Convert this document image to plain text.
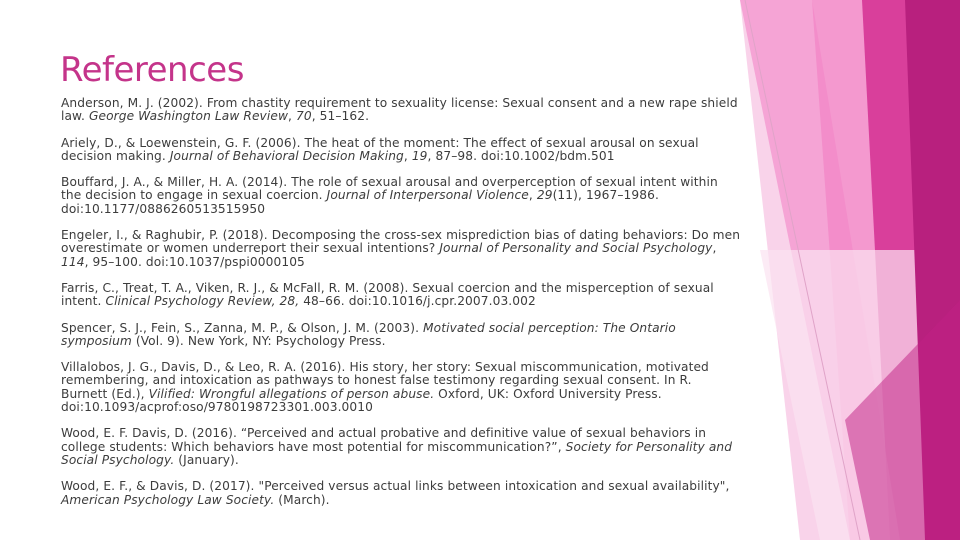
References
Anderson, M. J. (2002). From chastity requirement to sexuality license: Sexual consent and a new rape shield law. George Washington Law Review, 70, 51–162.
Ariely, D., & Loewenstein, G. F. (2006). The heat of the moment: The effect of sexual arousal on sexual decision making. Journal of Behavioral Decision Making, 19, 87–98. doi:10.1002/bdm.501
Bouffard, J. A., & Miller, H. A. (2014). The role of sexual arousal and overperception of sexual intent within the decision to engage in sexual coercion. Journal of Interpersonal Violence, 29(11), 1967–1986. doi:10.1177/0886260513515950
Engeler, I., & Raghubir, P. (2018). Decomposing the cross-sex misprediction bias of dating behaviors: Do men overestimate or women underreport their sexual intentions? Journal of Personality and Social Psychology, 114, 95–100. doi:10.1037/pspi0000105
Farris, C., Treat, T. A., Viken, R. J., & McFall, R. M. (2008). Sexual coercion and the misperception of sexual intent. Clinical Psychology Review, 28, 48–66. doi:10.1016/j.cpr.2007.03.002
Spencer, S. J., Fein, S., Zanna, M. P., & Olson, J. M. (2003). Motivated social perception: The Ontario symposium (Vol. 9). New York, NY: Psychology Press.
Villalobos, J. G., Davis, D., & Leo, R. A. (2016). His story, her story: Sexual miscommunication, motivated remembering, and intoxication as pathways to honest false testimony regarding sexual consent. In R. Burnett (Ed.), Vilified: Wrongful allegations of person abuse. Oxford, UK: Oxford University Press. doi:10.1093/acprof:oso/9780198723301.003.0010
Wood, E. F. Davis, D. (2016). “Perceived and actual probative and definitive value of sexual behaviors in college students: Which behaviors have most potential for miscommunication?”, Society for Personality and Social Psychology. (January).
Wood, E. F., & Davis, D. (2017). "Perceived versus actual links between intoxication and sexual availability", American Psychology Law Society. (March).
